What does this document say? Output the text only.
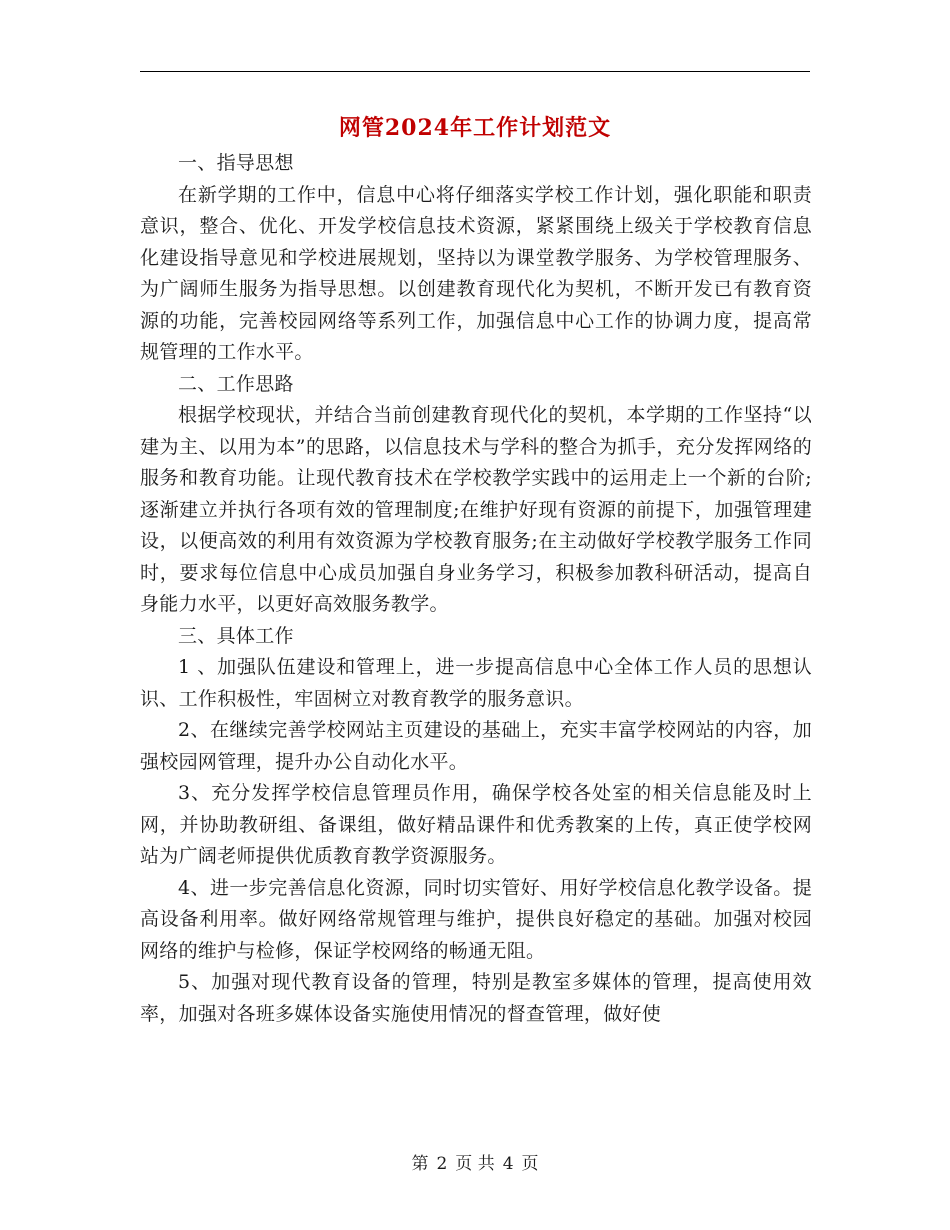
网管2024年工作计划范文

一、指导思想

在新学期的工作中，信息中心将仔细落实学校工作计划，强化职能和职责意识，整合、优化、开发学校信息技术资源，紧紧围绕上级关于学校教育信息化建设指导意见和学校进展规划，坚持以为课堂教学服务、为学校管理服务、为广阔师生服务为指导思想。以创建教育现代化为契机，不断开发已有教育资源的功能，完善校园网络等系列工作，加强信息中心工作的协调力度，提高常规管理的工作水平。

二、工作思路

根据学校现状，并结合当前创建教育现代化的契机，本学期的工作坚持“以建为主、以用为本”的思路，以信息技术与学科的整合为抓手，充分发挥网络的服务和教育功能。让现代教育技术在学校教学实践中的运用走上一个新的台阶;逐渐建立并执行各项有效的管理制度;在维护好现有资源的前提下，加强管理建设，以便高效的利用有效资源为学校教育服务;在主动做好学校教学服务工作同时，要求每位信息中心成员加强自身业务学习，积极参加教科研活动，提高自身能力水平，以更好高效服务教学。

三、具体工作

1 、加强队伍建设和管理上，进一步提高信息中心全体工作人员的思想认识、工作积极性，牢固树立对教育教学的服务意识。

2、在继续完善学校网站主页建设的基础上，充实丰富学校网站的内容，加强校园网管理，提升办公自动化水平。

3、充分发挥学校信息管理员作用，确保学校各处室的相关信息能及时上网，并协助教研组、备课组，做好精品课件和优秀教案的上传，真正使学校网站为广阔老师提供优质教育教学资源服务。

4、进一步完善信息化资源，同时切实管好、用好学校信息化教学设备。提高设备利用率。做好网络常规管理与维护，提供良好稳定的基础。加强对校园网络的维护与检修，保证学校网络的畅通无阻。

5、加强对现代教育设备的管理，特别是教室多媒体的管理，提高使用效率，加强对各班多媒体设备实施使用情况的督查管理，做好使

第 2 页 共 4 页
